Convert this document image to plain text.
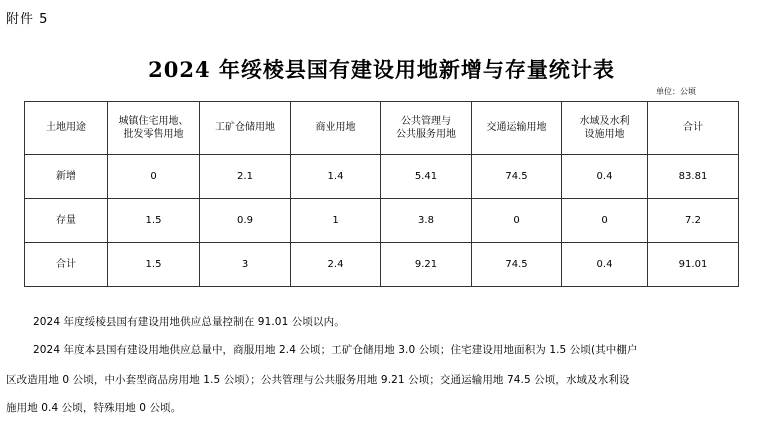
附件 5
2024 年绥棱县国有建设用地新增与存量统计表
单位：公顷
土地用途	城镇住宅用地、
批发零售用地	工矿仓储用地	商业用地	公共管理与
公共服务用地	交通运输用地	水域及水利
设施用地	合计
新增	0	2.1	1.4	5.41	74.5	0.4	83.81
存量	1.5	0.9	1	3.8	0	0	7.2
合计	1.5	3	2.4	9.21	74.5	0.4	91.01
2024 年度绥棱县国有建设用地供应总量控制在 91.01 公顷以内。
2024 年度本县国有建设用地供应总量中，商服用地 2.4 公顷；工矿仓储用地 3.0 公顷；住宅建设用地面积为 1.5 公顷(其中棚户
区改造用地 0 公顷，中小套型商品房用地 1.5 公顷）；公共管理与公共服务用地 9.21 公顷；交通运输用地 74.5 公顷，水域及水利设
施用地 0.4 公顷，特殊用地 0 公顷。
